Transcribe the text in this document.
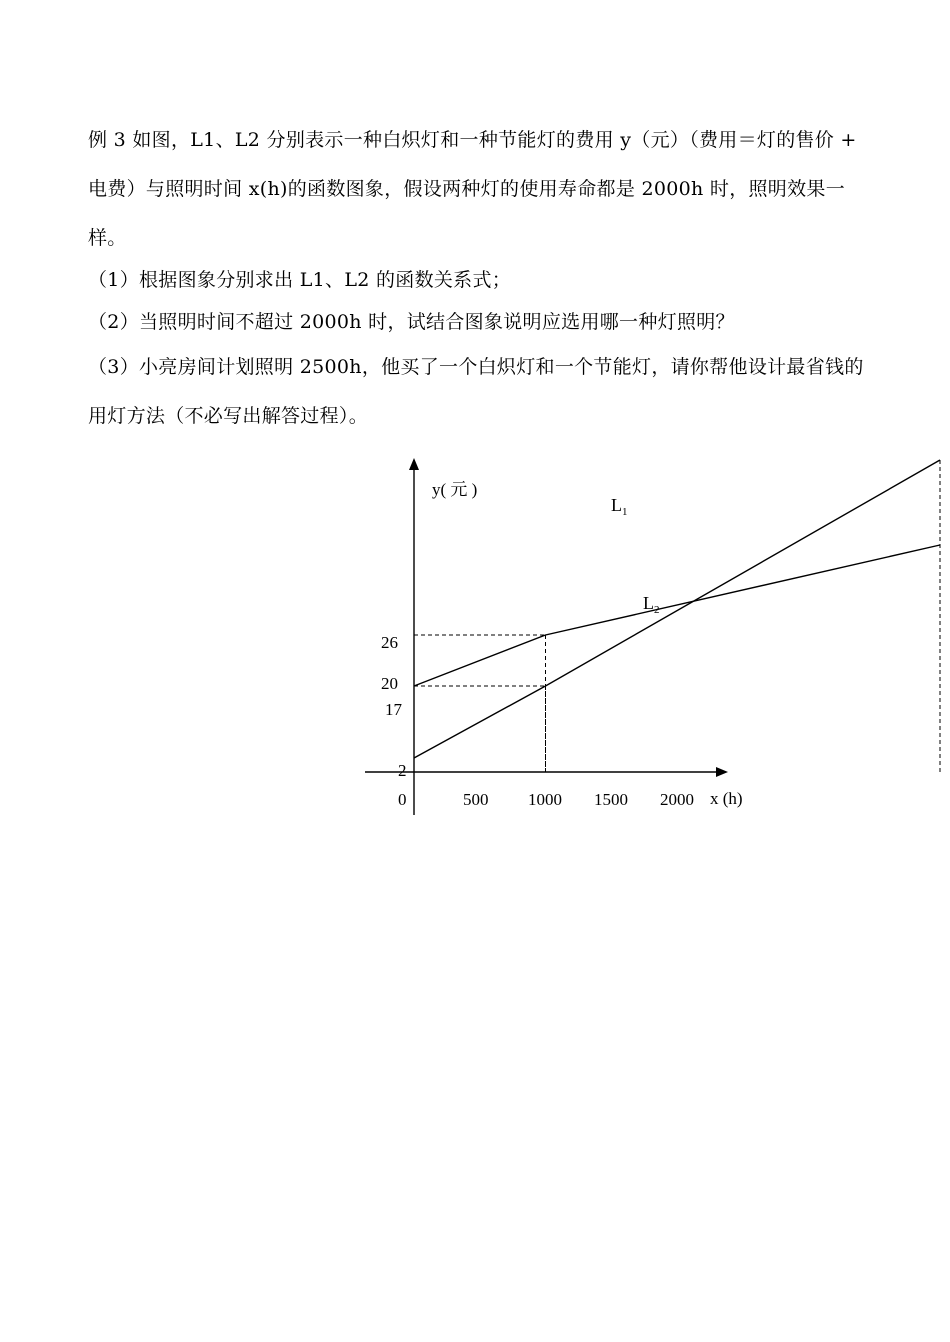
例 3 如图，L1、L2 分别表示一种白炽灯和一种节能灯的费用 y（元）（费用＝灯的售价 + 电费）与照明时间 x(h)的函数图象，假设两种灯的使用寿命都是 2000h 时，照明效果一样。

（1）根据图象分别求出 L1、L2 的函数关系式；

（2）当照明时间不超过 2000h 时，试结合图象说明应选用哪一种灯照明？

（3）小亮房间计划照明 2500h，他买了一个白炽灯和一个节能灯，请你帮他设计最省钱的用灯方法（不必写出解答过程）。

y( 元 )
x (h)
0	500 1000 1500 2000
26
20
17
2
$L_1$
$L_2$
